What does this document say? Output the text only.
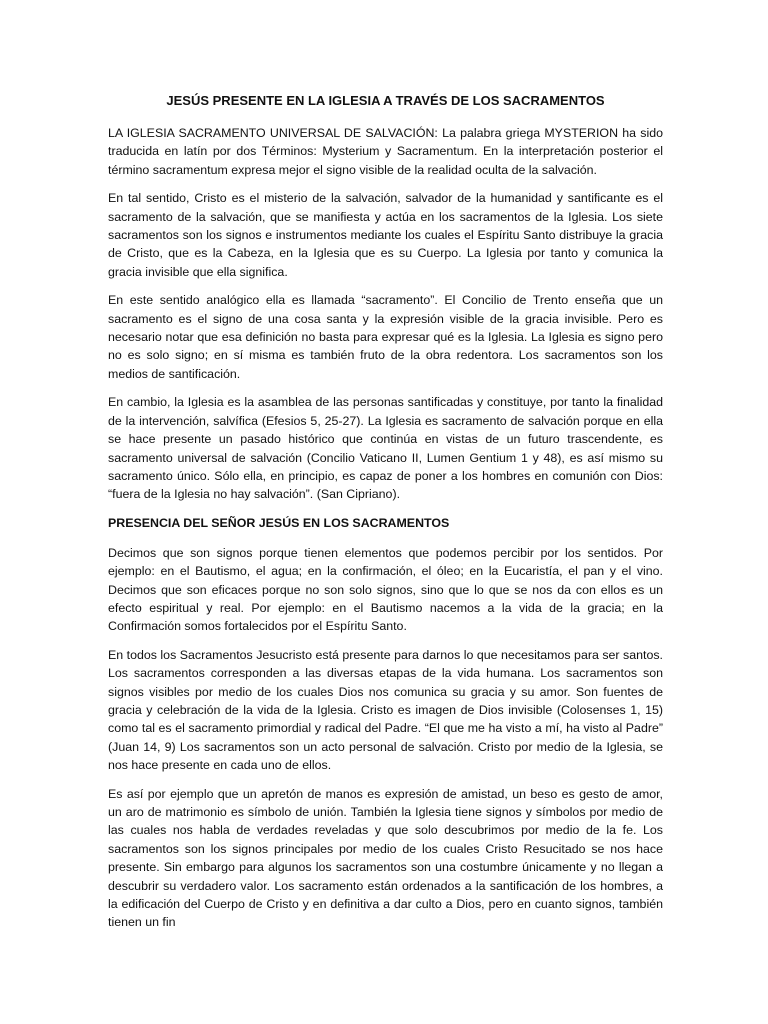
JESÚS PRESENTE EN LA IGLESIA A TRAVÉS DE LOS SACRAMENTOS

LA IGLESIA SACRAMENTO UNIVERSAL DE SALVACIÓN: La palabra griega MYSTERION ha sido traducida en latín por dos Términos: Mysterium y Sacramentum. En la interpretación posterior el término sacramentum expresa mejor el signo visible de la realidad oculta de la salvación.

En tal sentido, Cristo es el misterio de la salvación, salvador de la humanidad y santificante es el sacramento de la salvación, que se manifiesta y actúa en los sacramentos de la Iglesia. Los siete sacramentos son los signos e instrumentos mediante los cuales el Espíritu Santo distribuye la gracia de Cristo, que es la Cabeza, en la Iglesia que es su Cuerpo. La Iglesia por tanto y comunica la gracia invisible que ella significa.

En este sentido analógico ella es llamada “sacramento”. El Concilio de Trento enseña que un sacramento es el signo de una cosa santa y la expresión visible de la gracia invisible. Pero es necesario notar que esa definición no basta para expresar qué es la Iglesia. La Iglesia es signo pero no es solo signo; en sí misma es también fruto de la obra redentora. Los sacramentos son los medios de santificación.

En cambio, la Iglesia es la asamblea de las personas santificadas y constituye, por tanto la finalidad de la intervención, salvífica (Efesios 5, 25-27). La Iglesia es sacramento de salvación porque en ella se hace presente un pasado histórico que continúa en vistas de un futuro trascendente, es sacramento universal de salvación (Concilio Vaticano II, Lumen Gentium 1 y 48), es así mismo su sacramento único. Sólo ella, en principio, es capaz de poner a los hombres en comunión con Dios: “fuera de la Iglesia no hay salvación”. (San Cipriano).

PRESENCIA DEL SEÑOR JESÚS EN LOS SACRAMENTOS

Decimos que son signos porque tienen elementos que podemos percibir por los sentidos. Por ejemplo: en el Bautismo, el agua; en la confirmación, el óleo; en la Eucaristía, el pan y el vino. Decimos que son eficaces porque no son solo signos, sino que lo que se nos da con ellos es un efecto espiritual y real. Por ejemplo: en el Bautismo nacemos a la vida de la gracia; en la Confirmación somos fortalecidos por el Espíritu Santo.

En todos los Sacramentos Jesucristo está presente para darnos lo que necesitamos para ser santos. Los sacramentos corresponden a las diversas etapas de la vida humana. Los sacramentos son signos visibles por medio de los cuales Dios nos comunica su gracia y su amor. Son fuentes de gracia y celebración de la vida de la Iglesia. Cristo es imagen de Dios invisible (Colosenses 1, 15) como tal es el sacramento primordial y radical del Padre. “El que me ha visto a mí, ha visto al Padre” (Juan 14, 9) Los sacramentos son un acto personal de salvación. Cristo por medio de la Iglesia, se nos hace presente en cada uno de ellos.

Es así por ejemplo que un apretón de manos es expresión de amistad, un beso es gesto de amor, un aro de matrimonio es símbolo de unión. También la Iglesia tiene signos y símbolos por medio de las cuales nos habla de verdades reveladas y que solo descubrimos por medio de la fe. Los sacramentos son los signos principales por medio de los cuales Cristo Resucitado se nos hace presente. Sin embargo para algunos los sacramentos son una costumbre únicamente y no llegan a descubrir su verdadero valor. Los sacramento están ordenados a la santificación de los hombres, a la edificación del Cuerpo de Cristo y en definitiva a dar culto a Dios, pero en cuanto signos, también tienen un fin
